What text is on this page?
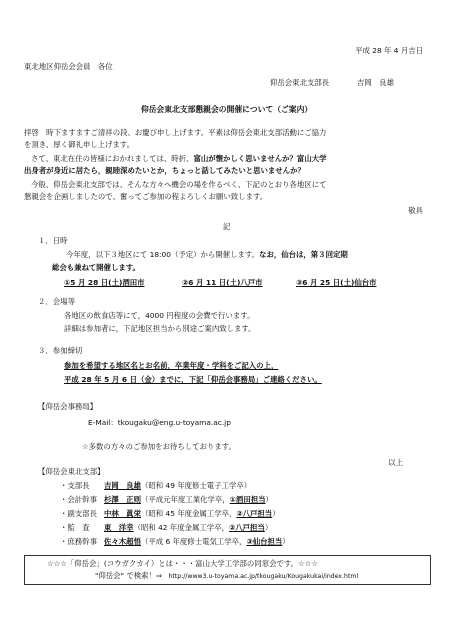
平成 28 年 4 月吉日
東北地区仰岳会会員　各位
仰岳会東北支部長	吉岡　良雄
仰岳会東北支部懇親会の開催について（ご案内）
拝啓　時下ますますご清祥の段、お慶び申し上げます。平素は仰岳会東北支部活動にご協力
を頂き、厚く御礼申し上げます。
さて、東北在住の皆様におかれましては、時折、富山が懐かしく思いませんか？富山大学
出身者が身近に居たら，親睦深めたいとか，ちょっと話してみたいと思いませんか？
今般、仰岳会東北支部では、そんな方々へ機会の場を作るべく、下記のとおり各地区にて
懇親会を企画しましたので、奮ってご参加の程よろしくお願い致します。
敬具
記
１．日時
今年度，以下３地区にて 18:00（予定）から開催します。なお，仙台は，第３回定期
総会も兼ねて開催します。
①5 月 28 日(土)酒田市	②6 月 11 日(土)八戸市	③6 月 25 日(土)仙台市
２．会場等
各地区の飲食店等にて，4000 円程度の会費で行います。
詳細は参加者に，下記地区担当から別途ご案内致します。
３．参加締切
参加を希望する地区名とお名前，卒業年度・学科をご記入の上，
平成 28 年 5 月 6 日（金）までに，下記「仰岳会事務局」ご連絡ください。
【仰岳会事務局】
E-Mail：tkougaku@eng.u-toyama.ac.jp
☆多数の方々のご参加をお待ちしております。
以上
【仰岳会東北支部】
・支部長 吉岡　良雄（昭和 49 年度修士電子工学卒）
・会計幹事 杉澤　正则（平成元年度工業化学卒，①酒田担当）
・副支部長 中林　眞栄（昭和 45 年度金属工学卒，②八戸担当）
・監　査 東　洋幸（昭和 42 年度金属工学卒，②八戸担当）
・庶務幹事 佐々木超悟（平成 6 年度修士電気工学卒，③仙台担当）
☆☆☆「仰岳会」(コウガクカイ）とは・・・富山大学工学部の同窓会です。☆☆☆
"仰岳会" で検索！⇒ http://www3.u-toyama.ac.jp/tkougaku/Kougakukai/index.html
